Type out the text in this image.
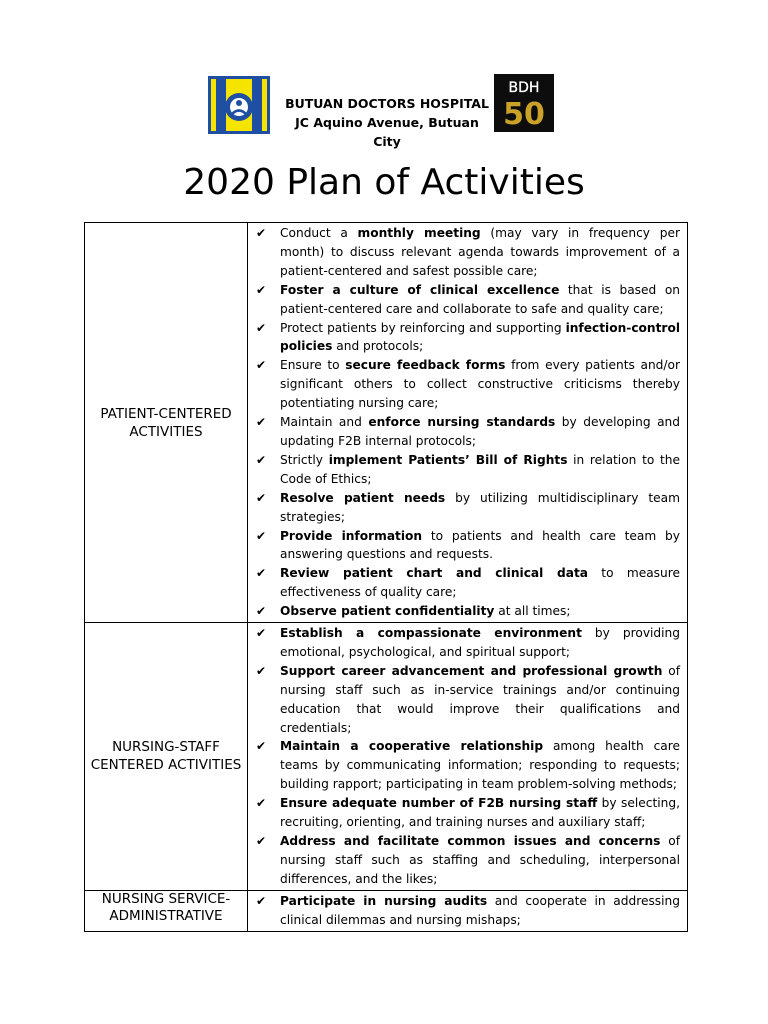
BUTUAN DOCTORS HOSPITAL
JC Aquino Avenue, Butuan City
BDH
50
2020 Plan of Activities
PATIENT-CENTERED ACTIVITIES
✔	Conduct a monthly meeting (may vary in frequency per month) to discuss relevant agenda towards improvement of a patient-centered and safest possible care;
✔	Foster a culture of clinical excellence that is based on patient-centered care and collaborate to safe and quality care;
✔	Protect patients by reinforcing and supporting infection-control policies and protocols;
✔	Ensure to secure feedback forms from every patients and/or significant others to collect constructive criticisms thereby potentiating nursing care;
✔	Maintain and enforce nursing standards by developing and updating F2B internal protocols;
✔	Strictly implement Patients’ Bill of Rights in relation to the Code of Ethics;
✔	Resolve patient needs by utilizing multidisciplinary team strategies;
✔	Provide information to patients and health care team by answering questions and requests.
✔	Review patient chart and clinical data to measure effectiveness of quality care;
✔	Observe patient confidentiality at all times;
NURSING-STAFF CENTERED ACTIVITIES
✔	Establish a compassionate environment by providing emotional, psychological, and spiritual support;
✔	Support career advancement and professional growth of nursing staff such as in-service trainings and/or continuing education that would improve their qualifications and credentials;
✔	Maintain a cooperative relationship among health care teams by communicating information; responding to requests; building rapport; participating in team problem-solving methods;
✔	Ensure adequate number of F2B nursing staff by selecting, recruiting, orienting, and training nurses and auxiliary staff;
✔	Address and facilitate common issues and concerns of nursing staff such as staffing and scheduling, interpersonal differences, and the likes;
NURSING SERVICE-ADMINISTRATIVE
✔	Participate in nursing audits and cooperate in addressing clinical dilemmas and nursing mishaps;
